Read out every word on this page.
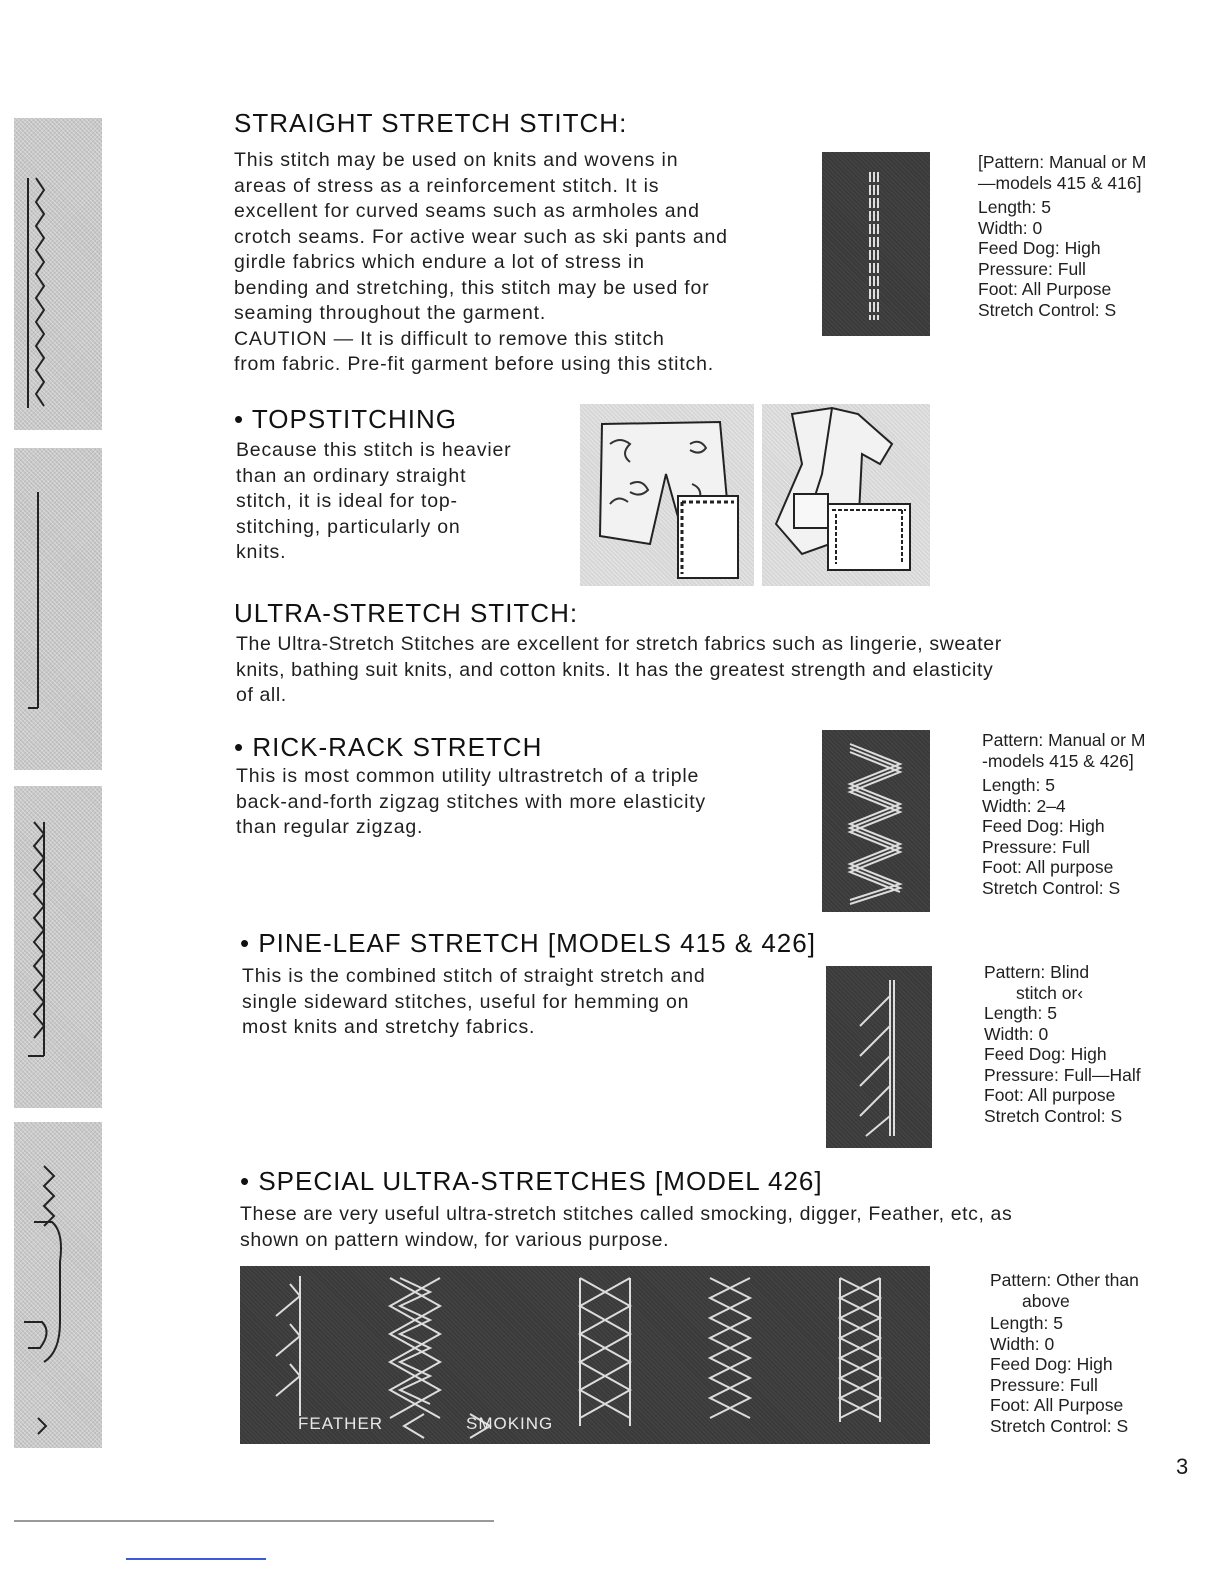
STRAIGHT STRETCH STITCH:

This stitch may be used on knits and wovens in

areas of stress as a reinforcement stitch. It is

excellent for curved seams such as armholes and

crotch seams. For active wear such as ski pants and

girdle fabrics which endure a lot of stress in

bending and stretching, this stitch may be used for

seaming throughout the garment.

CAUTION — It is difficult to remove this stitch

from fabric. Pre-fit garment before using this stitch.

[Pattern: Manual or M
—models 415 & 416]
Length: 5
Width: 0
Feed Dog: High
Pressure: Full
Foot: All Purpose
Stretch Control: S
• TOPSTITCHING

Because this stitch is heavier

than an ordinary straight

stitch, it is ideal for top-

stitching, particularly on

knits.

ULTRA-STRETCH STITCH:

The Ultra-Stretch Stitches are excellent for stretch fabrics such as lingerie, sweater

knits, bathing suit knits, and cotton knits. It has the greatest strength and elasticity

of all.

• RICK-RACK STRETCH

This is most common utility ultrastretch of a triple

back-and-forth zigzag stitches with more elasticity

than regular zigzag.

Pattern: Manual or M
-models 415 & 426]
Length: 5
Width: 2–4
Feed Dog: High
Pressure: Full
Foot: All purpose
Stretch Control: S
• PINE-LEAF STRETCH [MODELS 415 & 426]

This is the combined stitch of straight stretch and

single sideward stitches, useful for hemming on

most knits and stretchy fabrics.

Pattern: Blind
stitch or‹
Length: 5
Width: 0
Feed Dog: High
Pressure: Full—Half
Foot: All purpose
Stretch Control: S
• SPECIAL ULTRA-STRETCHES [MODEL 426]

These are very useful ultra-stretch stitches called smocking, digger, Feather, etc, as

shown on pattern window, for various purpose.

FEATHER	SMOKING
Pattern: Other than
above
Length: 5
Width: 0
Feed Dog: High
Pressure: Full
Foot: All Purpose
Stretch Control: S
3
